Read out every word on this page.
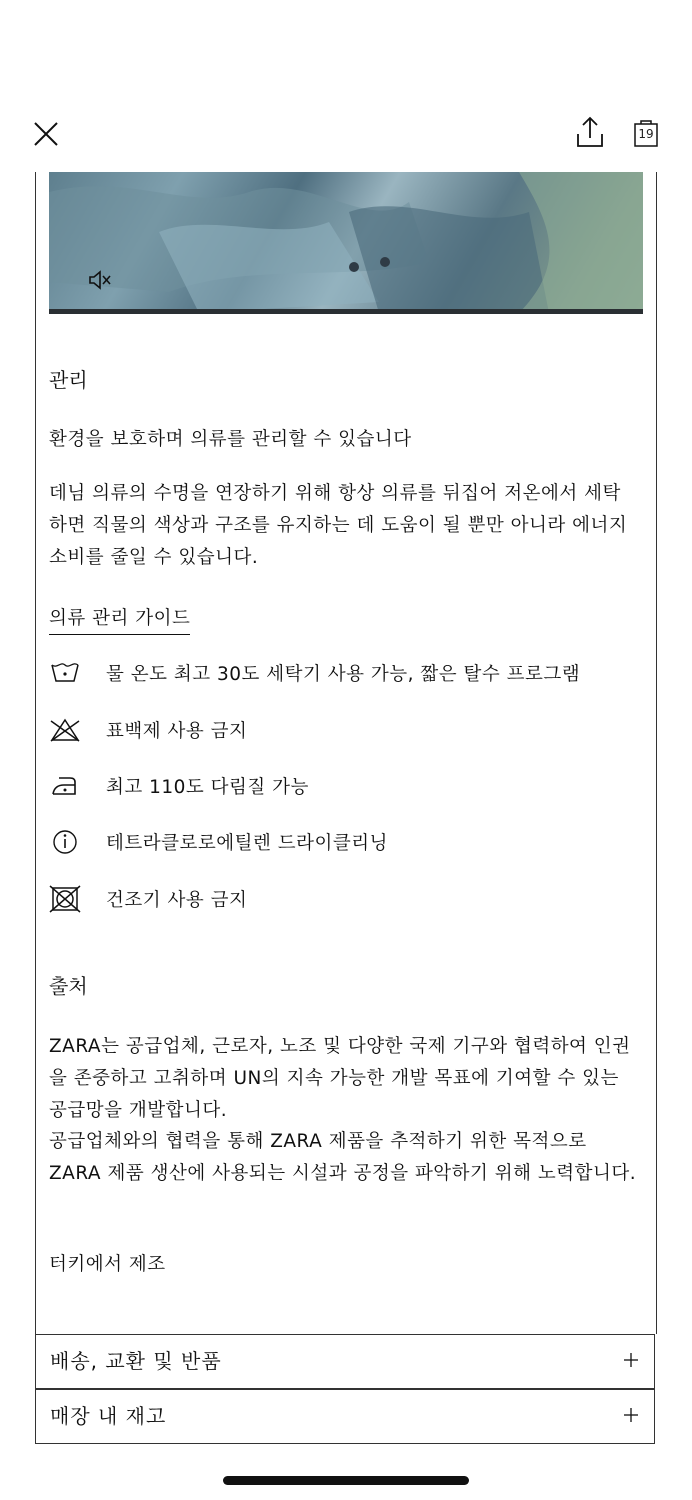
19
관리
환경을 보호하며 의류를 관리할 수 있습니다
데님 의류의 수명을 연장하기 위해 항상 의류를 뒤집어 저온에서 세탁하면 직물의 색상과 구조를 유지하는 데 도움이 될 뿐만 아니라 에너지 소비를 줄일 수 있습니다.
의류 관리 가이드
물 온도 최고 30도 세탁기 사용 가능, 짧은 탈수 프로그램
표백제 사용 금지
최고 110도 다림질 가능
테트라클로로에틸렌 드라이클리닝
건조기 사용 금지
출처
ZARA는 공급업체, 근로자, 노조 및 다양한 국제 기구와 협력하여 인권을 존중하고 고취하며 UN의 지속 가능한 개발 목표에 기여할 수 있는 공급망을 개발합니다.
공급업체와의 협력을 통해 ZARA 제품을 추적하기 위한 목적으로 ZARA 제품 생산에 사용되는 시설과 공정을 파악하기 위해 노력합니다.
터키에서 제조
배송, 교환 및 반품
매장 내 재고
